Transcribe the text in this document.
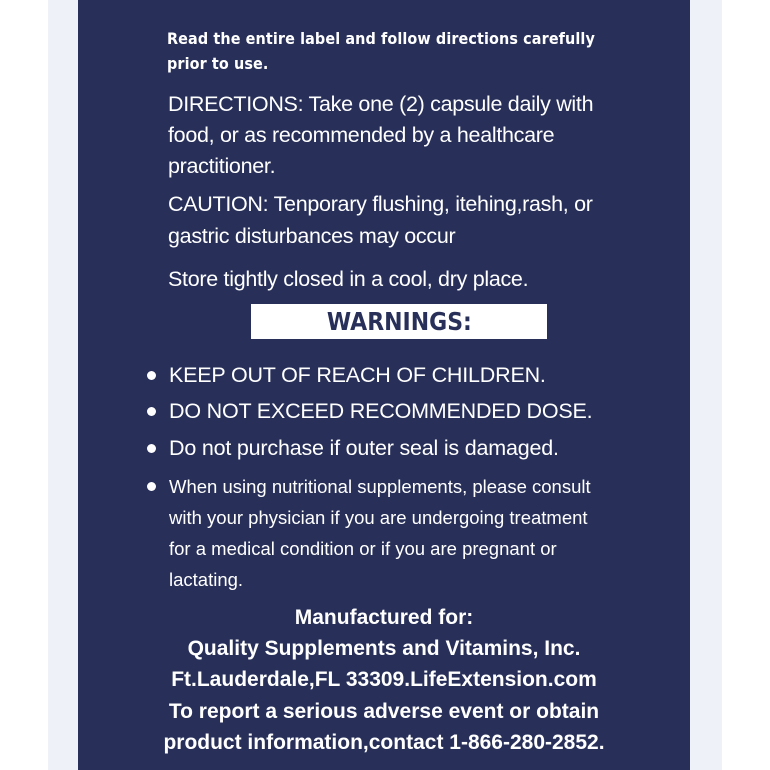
Read the entire label and follow directions carefully
prior to use.
DIRECTIONS: Take one (2) capsule daily with
food, or as recommended by a healthcare
practitioner.
CAUTION: Tenporary flushing, itehing,rash, or
gastric disturbances may occur
Store tightly closed in a cool, dry place.
WARNINGS:
KEEP OUT OF REACH OF CHILDREN.
DO NOT EXCEED RECOMMENDED DOSE.
Do not purchase if outer seal is damaged.
When using nutritional supplements, please consult
with your physician if you are undergoing treatment
for a medical condition or if you are pregnant or
lactating.
Manufactured for:
Quality Supplements and Vitamins, Inc.
Ft.Lauderdale,FL 33309.LifeExtension.com
To report a serious adverse event or obtain
product information,contact 1-866-280-2852.
